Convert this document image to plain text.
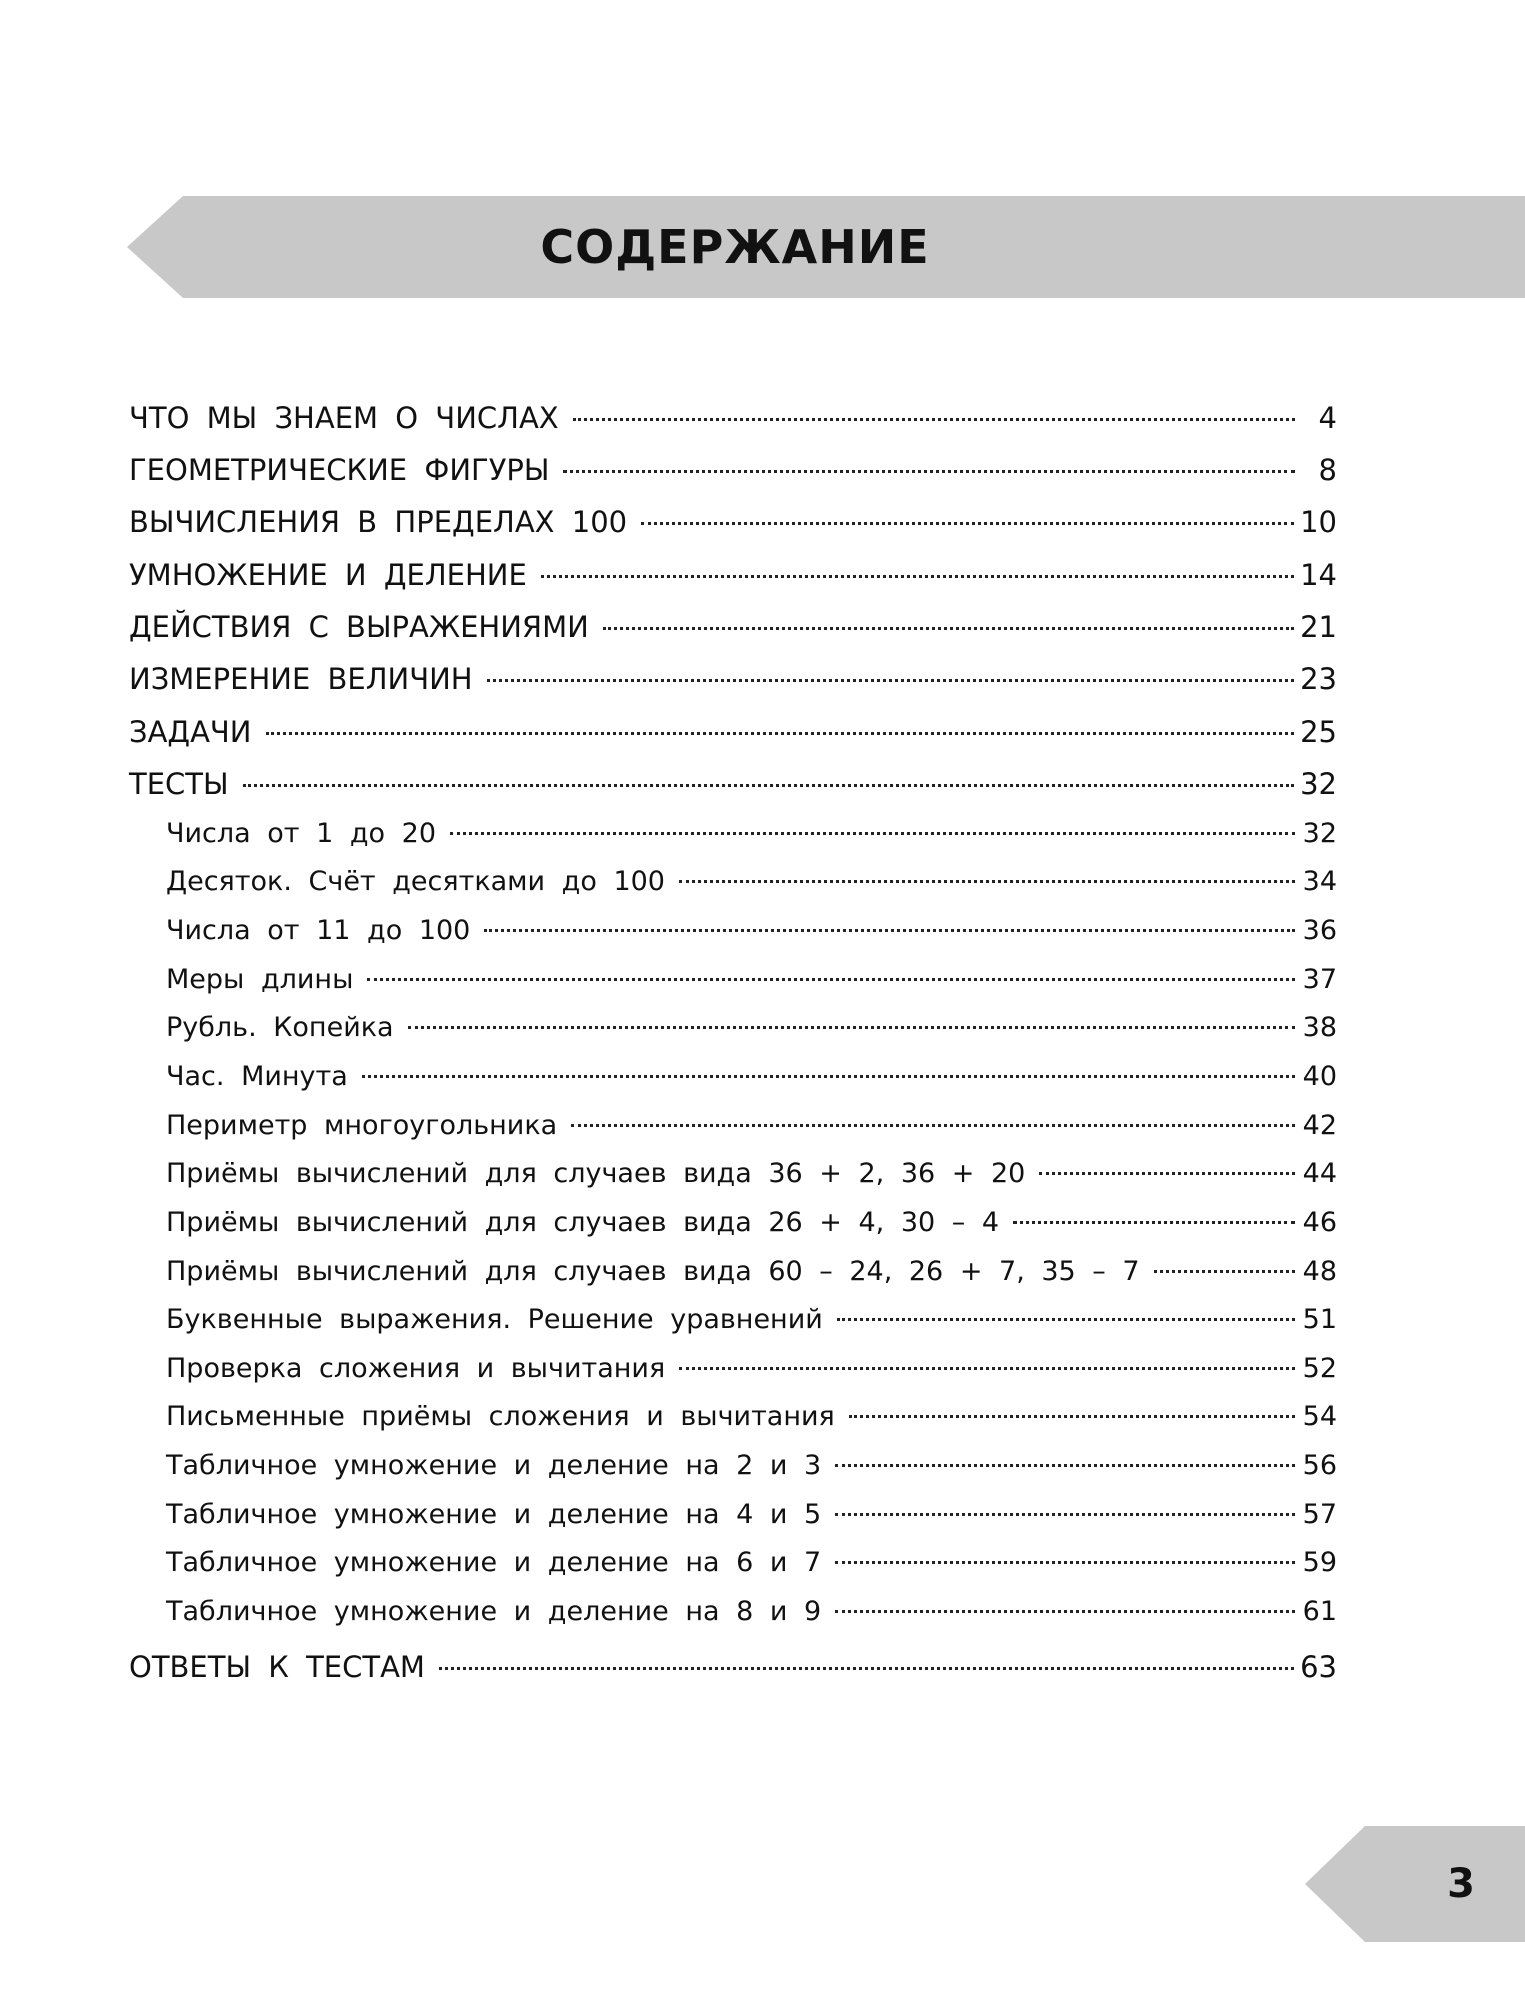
СОДЕРЖАНИЕ
ЧТО МЫ ЗНАЕМ О ЧИСЛАХ	4
ГЕОМЕТРИЧЕСКИЕ ФИГУРЫ	8
ВЫЧИСЛЕНИЯ В ПРЕДЕЛАХ 100	10
УМНОЖЕНИЕ И ДЕЛЕНИЕ	14
ДЕЙСТВИЯ С ВЫРАЖЕНИЯМИ	21
ИЗМЕРЕНИЕ ВЕЛИЧИН	23
ЗАДАЧИ	25
ТЕСТЫ	32
Числа от 1 до 20	32
Десяток. Счёт десятками до 100	34
Числа от 11 до 100	36
Меры длины	37
Рубль. Копейка	38
Час. Минута	40
Периметр многоугольника	42
Приёмы вычислений для случаев вида 36 + 2, 36 + 20	44
Приёмы вычислений для случаев вида 26 + 4, 30 – 4	46
Приёмы вычислений для случаев вида 60 – 24, 26 + 7, 35 – 7	48
Буквенные выражения. Решение уравнений	51
Проверка сложения и вычитания	52
Письменные приёмы сложения и вычитания	54
Табличное умножение и деление на 2 и 3	56
Табличное умножение и деление на 4 и 5	57
Табличное умножение и деление на 6 и 7	59
Табличное умножение и деление на 8 и 9	61
ОТВЕТЫ К ТЕСТАМ	63
3
